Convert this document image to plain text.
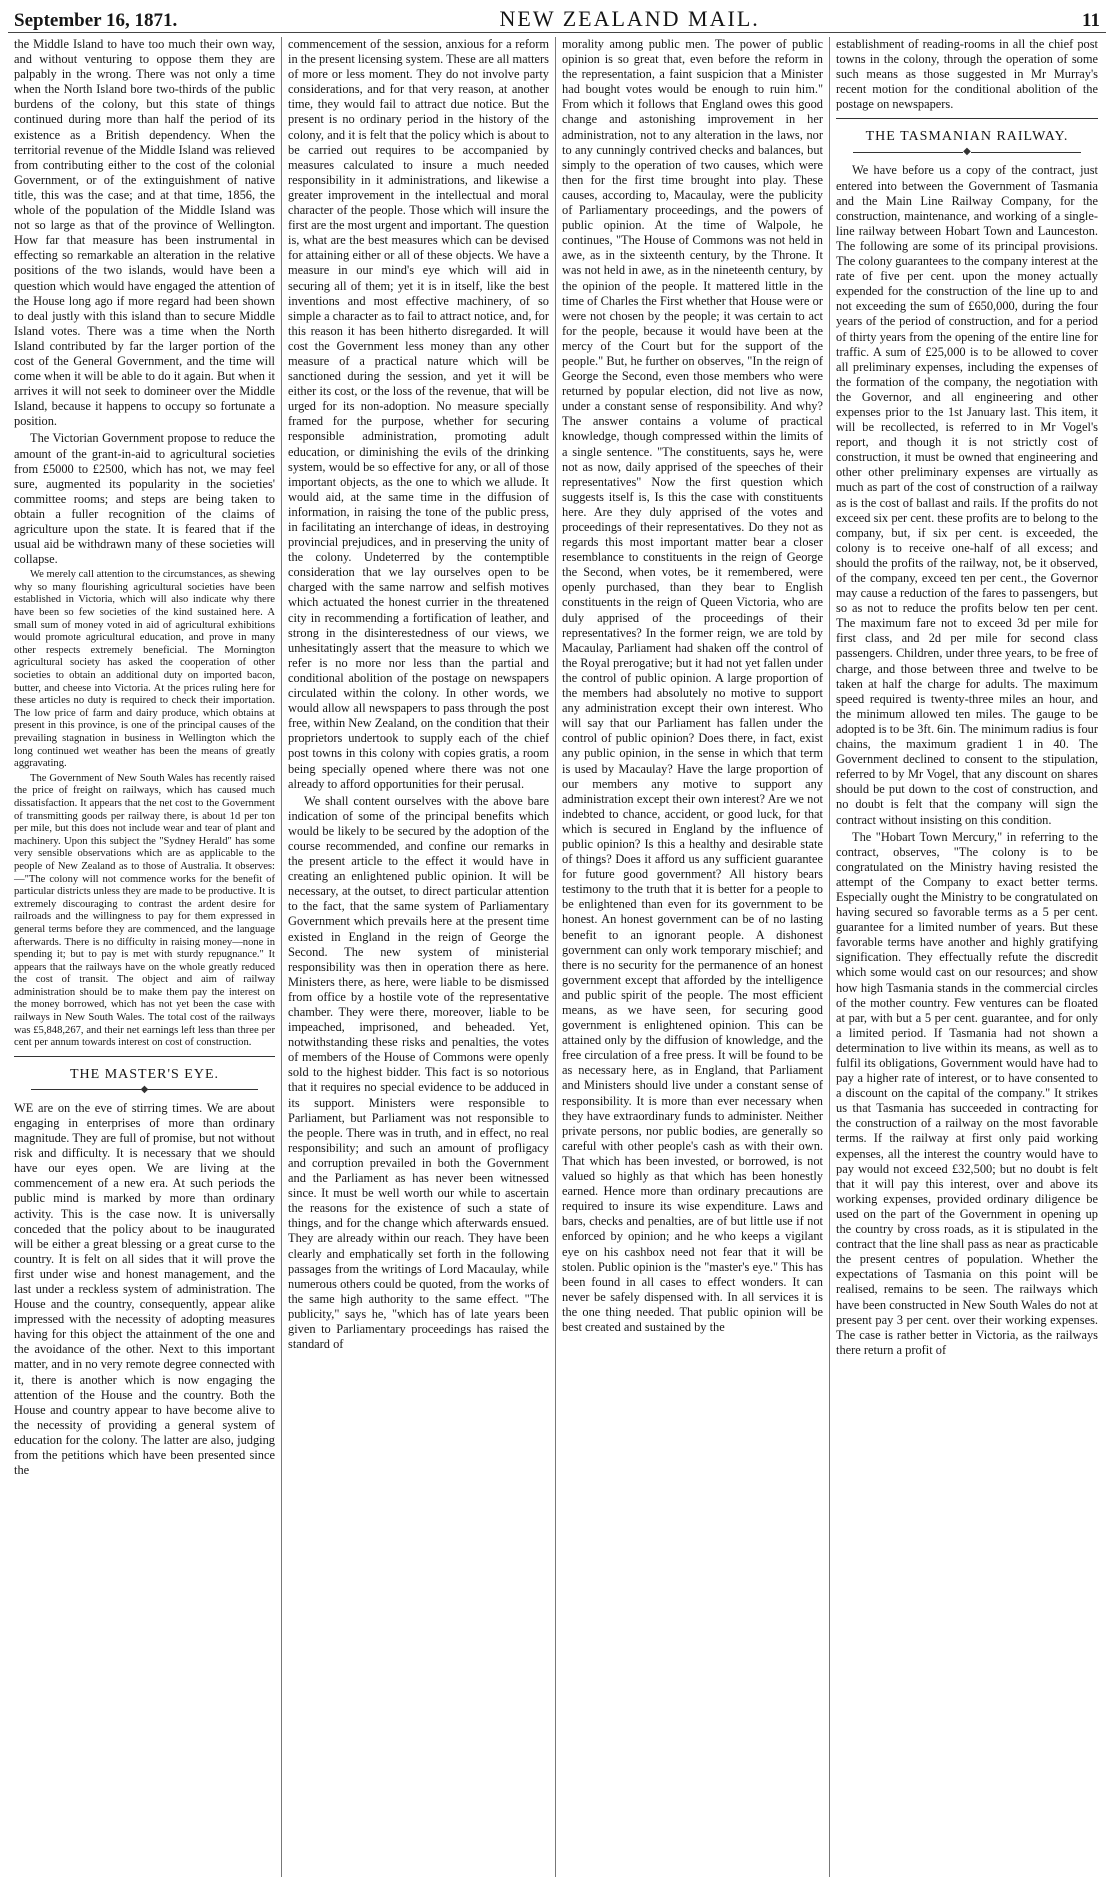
September 16, 1871.	NEW ZEALAND MAIL.	11

the Middle Island to have too much their own way, and without venturing to oppose them they are palpably in the wrong. There was not only a time when the North Island bore two-thirds of the public burdens of the colony, but this state of things continued during more than half the period of its existence as a British dependency. When the territorial revenue of the Middle Island was relieved from contributing either to the cost of the colonial Government, or of the extinguishment of native title, this was the case; and at that time, 1856, the whole of the population of the Middle Island was not so large as that of the province of Wellington. How far that measure has been instrumental in effecting so remarkable an alteration in the relative positions of the two islands, would have been a question which would have engaged the attention of the House long ago if more regard had been shown to deal justly with this island than to secure Middle Island votes. There was a time when the North Island contributed by far the larger portion of the cost of the General Government, and the time will come when it will be able to do it again. But when it arrives it will not seek to domineer over the Middle Island, because it happens to occupy so fortunate a position.

The Victorian Government propose to reduce the amount of the grant-in-aid to agricultural societies from £5000 to £2500, which has not, we may feel sure, augmented its popularity in the societies' committee rooms; and steps are being taken to obtain a fuller recognition of the claims of agriculture upon the state. It is feared that if the usual aid be withdrawn many of these societies will collapse.

We merely call attention to the circumstances, as shewing why so many flourishing agricultural societies have been established in Victoria, which will also indicate why there have been so few societies of the kind sustained here. A small sum of money voted in aid of agricultural exhibitions would promote agricultural education, and prove in many other respects extremely beneficial. The Mornington agricultural society has asked the cooperation of other societies to obtain an additional duty on imported bacon, butter, and cheese into Victoria. At the prices ruling here for these articles no duty is required to check their importation. The low price of farm and dairy produce, which obtains at present in this province, is one of the principal causes of the prevailing stagnation in business in Wellington which the long continued wet weather has been the means of greatly aggravating.

The Government of New South Wales has recently raised the price of freight on railways, which has caused much dissatisfaction. It appears that the net cost to the Government of transmitting goods per railway there, is about 1d per ton per mile, but this does not include wear and tear of plant and machinery. Upon this subject the "Sydney Herald" has some very sensible observations which are as applicable to the people of New Zealand as to those of Australia. It observes:—"The colony will not commence works for the benefit of particular districts unless they are made to be productive. It is extremely discouraging to contrast the ardent desire for railroads and the willingness to pay for them expressed in general terms before they are commenced, and the language afterwards. There is no difficulty in raising money—none in spending it; but to pay is met with sturdy repugnance." It appears that the railways have on the whole greatly reduced the cost of transit. The object and aim of railway administration should be to make them pay the interest on the money borrowed, which has not yet been the case with railways in New South Wales. The total cost of the railways was £5,848,267, and their net earnings left less than three per cent per annum towards interest on cost of construction.

THE MASTER'S EYE.

◆

WE are on the eve of stirring times. We are about engaging in enterprises of more than ordinary magnitude. They are full of promise, but not without risk and difficulty. It is necessary that we should have our eyes open. We are living at the commencement of a new era. At such periods the public mind is marked by more than ordinary activity. This is the case now. It is universally conceded that the policy about to be inaugurated will be either a great blessing or a great curse to the country. It is felt on all sides that it will prove the first under wise and honest management, and the last under a reckless system of administration. The House and the country, consequently, appear alike impressed with the necessity of adopting measures having for this object the attainment of the one and the avoidance of the other. Next to this important matter, and in no very remote degree connected with it, there is another which is now engaging the attention of the House and the country. Both the House and country appear to have become alive to the necessity of providing a general system of education for the colony. The latter are also, judging from the petitions which have been presented since the

commencement of the session, anxious for a reform in the present licensing system. These are all matters of more or less moment. They do not involve party considerations, and for that very reason, at another time, they would fail to attract due notice. But the present is no ordinary period in the history of the colony, and it is felt that the policy which is about to be carried out requires to be accompanied by measures calculated to insure a much needed responsibility in it administrations, and likewise a greater improvement in the intellectual and moral character of the people. Those which will insure the first are the most urgent and important. The question is, what are the best measures which can be devised for attaining either or all of these objects. We have a measure in our mind's eye which will aid in securing all of them; yet it is in itself, like the best inventions and most effective machinery, of so simple a character as to fail to attract notice, and, for this reason it has been hitherto disregarded. It will cost the Government less money than any other measure of a practical nature which will be sanctioned during the session, and yet it will be either its cost, or the loss of the revenue, that will be urged for its non-adoption. No measure specially framed for the purpose, whether for securing responsible administration, promoting adult education, or diminishing the evils of the drinking system, would be so effective for any, or all of those important objects, as the one to which we allude. It would aid, at the same time in the diffusion of information, in raising the tone of the public press, in facilitating an interchange of ideas, in destroying provincial prejudices, and in preserving the unity of the colony. Undeterred by the contemptible consideration that we lay ourselves open to be charged with the same narrow and selfish motives which actuated the honest currier in the threatened city in recommending a fortification of leather, and strong in the disinterestedness of our views, we unhesitatingly assert that the measure to which we refer is no more nor less than the partial and conditional abolition of the postage on newspapers circulated within the colony. In other words, we would allow all newspapers to pass through the post free, within New Zealand, on the condition that their proprietors undertook to supply each of the chief post towns in this colony with copies gratis, a room being specially opened where there was not one already to afford opportunities for their perusal.

We shall content ourselves with the above bare indication of some of the principal benefits which would be likely to be secured by the adoption of the course recommended, and confine our remarks in the present article to the effect it would have in creating an enlightened public opinion. It will be necessary, at the outset, to direct particular attention to the fact, that the same system of Parliamentary Government which prevails here at the present time existed in England in the reign of George the Second. The new system of ministerial responsibility was then in operation there as here. Ministers there, as here, were liable to be dismissed from office by a hostile vote of the representative chamber. They were there, moreover, liable to be impeached, imprisoned, and beheaded. Yet, notwithstanding these risks and penalties, the votes of members of the House of Commons were openly sold to the highest bidder. This fact is so notorious that it requires no special evidence to be adduced in its support. Ministers were responsible to Parliament, but Parliament was not responsible to the people. There was in truth, and in effect, no real responsibility; and such an amount of profligacy and corruption prevailed in both the Government and the Parliament as has never been witnessed since. It must be well worth our while to ascertain the reasons for the existence of such a state of things, and for the change which afterwards ensued. They are already within our reach. They have been clearly and emphatically set forth in the following passages from the writings of Lord Macaulay, while numerous others could be quoted, from the works of the same high authority to the same effect. "The publicity," says he, "which has of late years been given to Parliamentary proceedings has raised the standard of

morality among public men. The power of public opinion is so great that, even before the reform in the representation, a faint suspicion that a Minister had bought votes would be enough to ruin him." From which it follows that England owes this good change and astonishing improvement in her administration, not to any alteration in the laws, nor to any cunningly contrived checks and balances, but simply to the operation of two causes, which were then for the first time brought into play. These causes, according to, Macaulay, were the publicity of Parliamentary proceedings, and the powers of public opinion. At the time of Walpole, he continues, "The House of Commons was not held in awe, as in the sixteenth century, by the Throne. It was not held in awe, as in the nineteenth century, by the opinion of the people. It mattered little in the time of Charles the First whether that House were or were not chosen by the people; it was certain to act for the people, because it would have been at the mercy of the Court but for the support of the people." But, he further on observes, "In the reign of George the Second, even those members who were returned by popular election, did not live as now, under a constant sense of responsibility. And why? The answer contains a volume of practical knowledge, though compressed within the limits of a single sentence. "The constituents, says he, were not as now, daily apprised of the speeches of their representatives" Now the first question which suggests itself is, Is this the case with constituents here. Are they duly apprised of the votes and proceedings of their representatives. Do they not as regards this most important matter bear a closer resemblance to constituents in the reign of George the Second, when votes, be it remembered, were openly purchased, than they bear to English constituents in the reign of Queen Victoria, who are duly apprised of the proceedings of their representatives? In the former reign, we are told by Macaulay, Parliament had shaken off the control of the Royal prerogative; but it had not yet fallen under the control of public opinion. A large proportion of the members had absolutely no motive to support any administration except their own interest. Who will say that our Parliament has fallen under the control of public opinion? Does there, in fact, exist any public opinion, in the sense in which that term is used by Macaulay? Have the large proportion of our members any motive to support any administration except their own interest? Are we not indebted to chance, accident, or good luck, for that which is secured in England by the influence of public opinion? Is this a healthy and desirable state of things? Does it afford us any sufficient guarantee for future good government? All history bears testimony to the truth that it is better for a people to be enlightened than even for its government to be honest. An honest government can be of no lasting benefit to an ignorant people. A dishonest government can only work temporary mischief; and there is no security for the permanence of an honest government except that afforded by the intelligence and public spirit of the people. The most efficient means, as we have seen, for securing good government is enlightened opinion. This can be attained only by the diffusion of knowledge, and the free circulation of a free press. It will be found to be as necessary here, as in England, that Parliament and Ministers should live under a constant sense of responsibility. It is more than ever necessary when they have extraordinary funds to administer. Neither private persons, nor public bodies, are generally so careful with other people's cash as with their own. That which has been invested, or borrowed, is not valued so highly as that which has been honestly earned. Hence more than ordinary precautions are required to insure its wise expenditure. Laws and bars, checks and penalties, are of but little use if not enforced by opinion; and he who keeps a vigilant eye on his cashbox need not fear that it will be stolen. Public opinion is the "master's eye." This has been found in all cases to effect wonders. It can never be safely dispensed with. In all services it is the one thing needed. That public opinion will be best created and sustained by the

establishment of reading-rooms in all the chief post towns in the colony, through the operation of some such means as those suggested in Mr Murray's recent motion for the conditional abolition of the postage on newspapers.

THE TASMANIAN RAILWAY.

◆

We have before us a copy of the contract, just entered into between the Government of Tasmania and the Main Line Railway Company, for the construction, maintenance, and working of a single-line railway between Hobart Town and Launceston. The following are some of its principal provisions. The colony guarantees to the company interest at the rate of five per cent. upon the money actually expended for the construction of the line up to and not exceeding the sum of £650,000, during the four years of the period of construction, and for a period of thirty years from the opening of the entire line for traffic. A sum of £25,000 is to be allowed to cover all preliminary expenses, including the expenses of the formation of the company, the negotiation with the Governor, and all engineering and other expenses prior to the 1st January last. This item, it will be recollected, is referred to in Mr Vogel's report, and though it is not strictly cost of construction, it must be owned that engineering and other other preliminary expenses are virtually as much as part of the cost of construction of a railway as is the cost of ballast and rails. If the profits do not exceed six per cent. these profits are to belong to the company, but, if six per cent. is exceeded, the colony is to receive one-half of all excess; and should the profits of the railway, not, be it observed, of the company, exceed ten per cent., the Governor may cause a reduction of the fares to passengers, but so as not to reduce the profits below ten per cent. The maximum fare not to exceed 3d per mile for first class, and 2d per mile for second class passengers. Children, under three years, to be free of charge, and those between three and twelve to be taken at half the charge for adults. The maximum speed required is twenty-three miles an hour, and the minimum allowed ten miles. The gauge to be adopted is to be 3ft. 6in. The minimum radius is four chains, the maximum gradient 1 in 40. The Government declined to consent to the stipulation, referred to by Mr Vogel, that any discount on shares should be put down to the cost of construction, and no doubt is felt that the company will sign the contract without insisting on this condition.

The "Hobart Town Mercury," in referring to the contract, observes, "The colony is to be congratulated on the Ministry having resisted the attempt of the Company to exact better terms. Especially ought the Ministry to be congratulated on having secured so favorable terms as a 5 per cent. guarantee for a limited number of years. But these favorable terms have another and highly gratifying signification. They effectually refute the discredit which some would cast on our resources; and show how high Tasmania stands in the commercial circles of the mother country. Few ventures can be floated at par, with but a 5 per cent. guarantee, and for only a limited period. If Tasmania had not shown a determination to live within its means, as well as to fulfil its obligations, Government would have had to pay a higher rate of interest, or to have consented to a discount on the capital of the company." It strikes us that Tasmania has succeeded in contracting for the construction of a railway on the most favorable terms. If the railway at first only paid working expenses, all the interest the country would have to pay would not exceed £32,500; but no doubt is felt that it will pay this interest, over and above its working expenses, provided ordinary diligence be used on the part of the Government in opening up the country by cross roads, as it is stipulated in the contract that the line shall pass as near as practicable the present centres of population. Whether the expectations of Tasmania on this point will be realised, remains to be seen. The railways which have been constructed in New South Wales do not at present pay 3 per cent. over their working expenses. The case is rather better in Victoria, as the railways there return a profit of
